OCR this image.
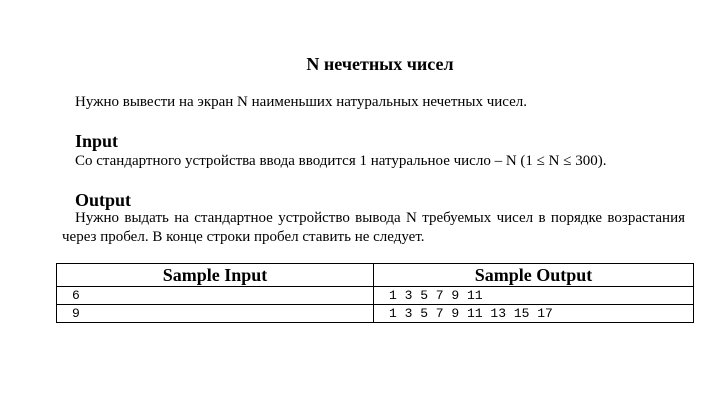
N нечетных чисел
Нужно вывести на экран N наименьших натуральных нечетных чисел.
Input
Со стандартного устройства ввода вводится 1 натуральное число – N (1 ≤ N ≤ 300).
Output
Нужно выдать на стандартное устройство вывода N требуемых чисел в порядке возрастания через пробел. В конце строки пробел ставить не следует.
Sample Input	Sample Output
6	1 3 5 7 9 11
9	1 3 5 7 9 11 13 15 17
